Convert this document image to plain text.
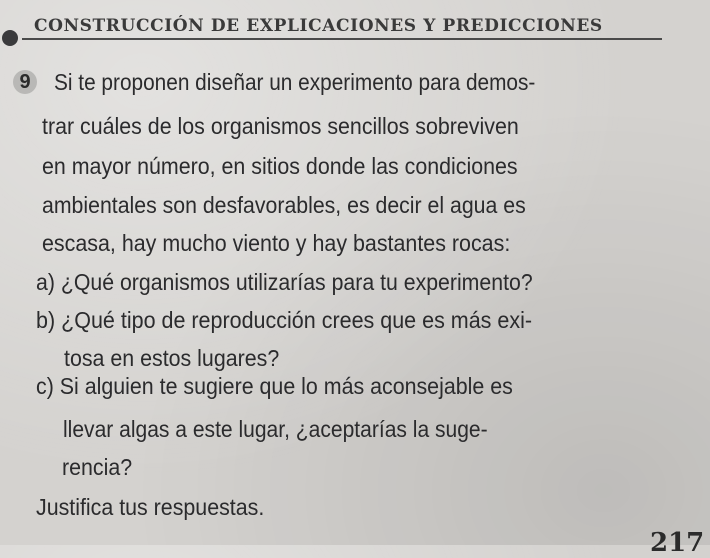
CONSTRUCCIÓN DE EXPLICACIONES Y PREDICCIONES
9 Si te proponen diseñar un experimento para demos-
trar cuáles de los organismos sencillos sobreviven
en mayor número, en sitios donde las condiciones
ambientales son desfavorables, es decir el agua es
escasa, hay mucho viento y hay bastantes rocas:
a) ¿Qué organismos utilizarías para tu experimento?
b) ¿Qué tipo de reproducción crees que es más exi-
tosa en estos lugares?
c) Si alguien te sugiere que lo más aconsejable es
llevar algas a este lugar, ¿aceptarías la suge-
rencia?
Justifica tus respuestas.
217
